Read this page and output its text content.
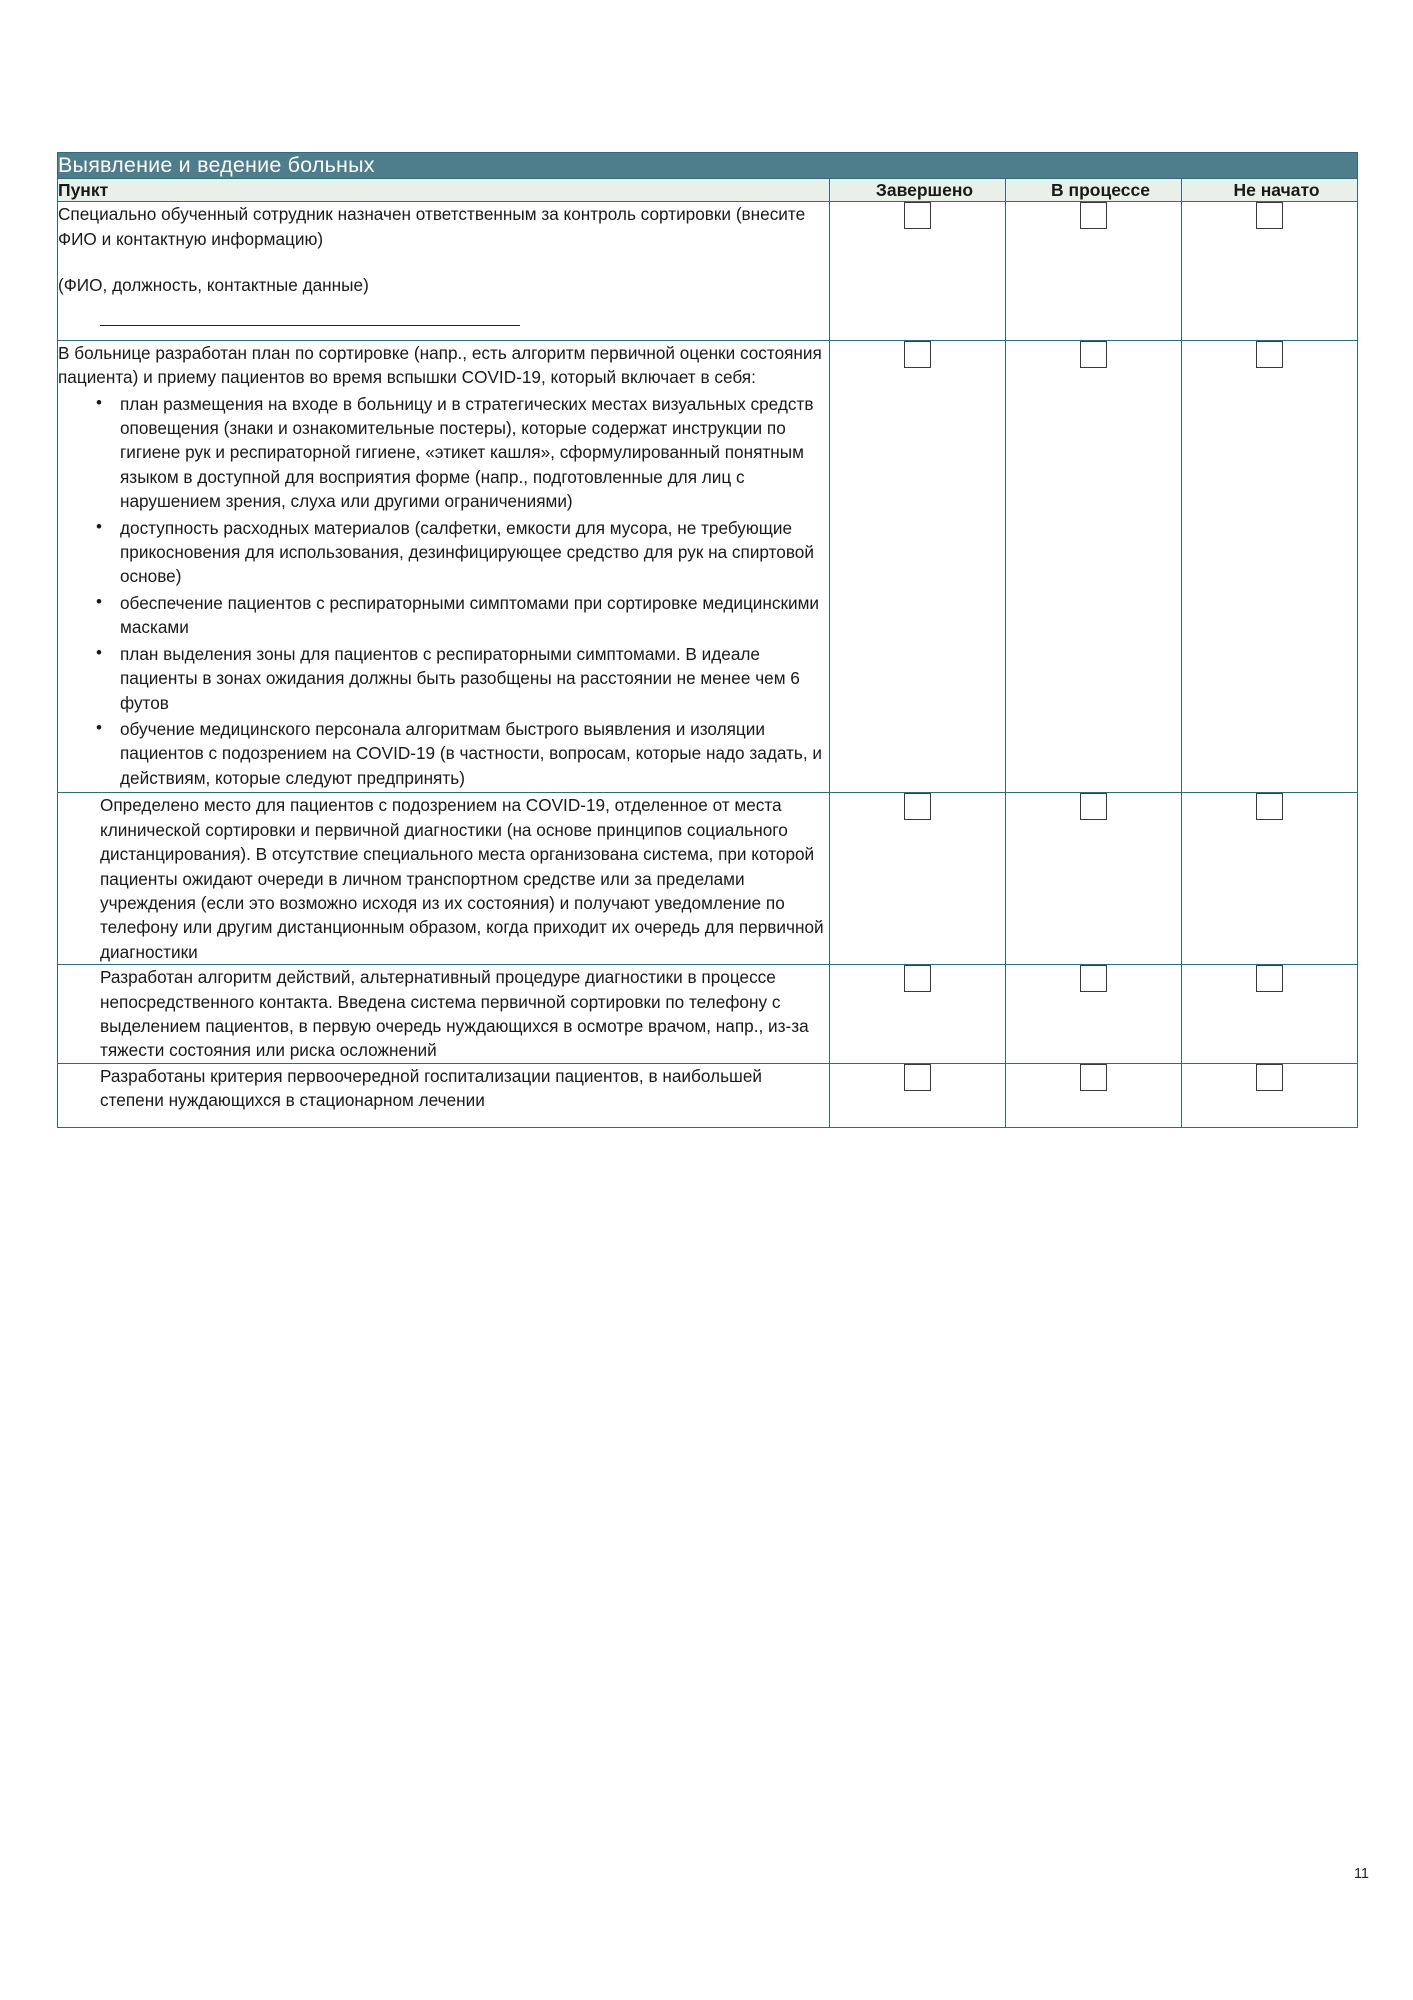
Выявление и ведение больных			
Пункт	Завершено	В процессе	Не начато

Специально обученный сотрудник назначен ответственным за контроль сортировки (внесите ФИО и контактную информацию)

(ФИО, должность, контактные данные)			

В больнице разработан план по сортировке (напр., есть алгоритм первичной оценки состояния пациента) и приему пациентов во время вспышки COVID-19, который включает в себя:

• план размещения на входе в больницу и в стратегических местах визуальных средств оповещения (знаки и ознакомительные постеры), которые содержат инструкции по гигиене рук и респираторной гигиене, «этикет кашля», сформулированный понятным языком в доступной для восприятия форме (напр., подготовленные для лиц с нарушением зрения, слуха или другими ограничениями)
• доступность расходных материалов (салфетки, емкости для мусора, не требующие прикосновения для использования, дезинфицирующее средство для рук на спиртовой основе)
• обеспечение пациентов с респираторными симптомами при сортировке медицинскими масками
• план выделения зоны для пациентов с респираторными симптомами. В идеале пациенты в зонах ожидания должны быть разобщены на расстоянии не менее чем 6 футов
• обучение медицинского персонала алгоритмам быстрого выявления и изоляции пациентов с подозрением на COVID-19 (в частности, вопросам, которые надо задать, и действиям, которые следуют предпринять)

Определено место для пациентов с подозрением на COVID-19, отделенное от места клинической сортировки и первичной диагностики (на основе принципов социального дистанцирования). В отсутствие специального места организована система, при которой пациенты ожидают очереди в личном транспортном средстве или за пределами учреждения (если это возможно исходя из их состояния) и получают уведомление по телефону или другим дистанционным образом, когда приходит их очередь для первичной диагностики			

Разработан алгоритм действий, альтернативный процедуре диагностики в процессе непосредственного контакта. Введена система первичной сортировки по телефону с выделением пациентов, в первую очередь нуждающихся в осмотре врачом, напр., из-за тяжести состояния или риска осложнений			

Разработаны критерия первоочередной госпитализации пациентов, в наибольшей степени нуждающихся в стационарном лечении			

11
